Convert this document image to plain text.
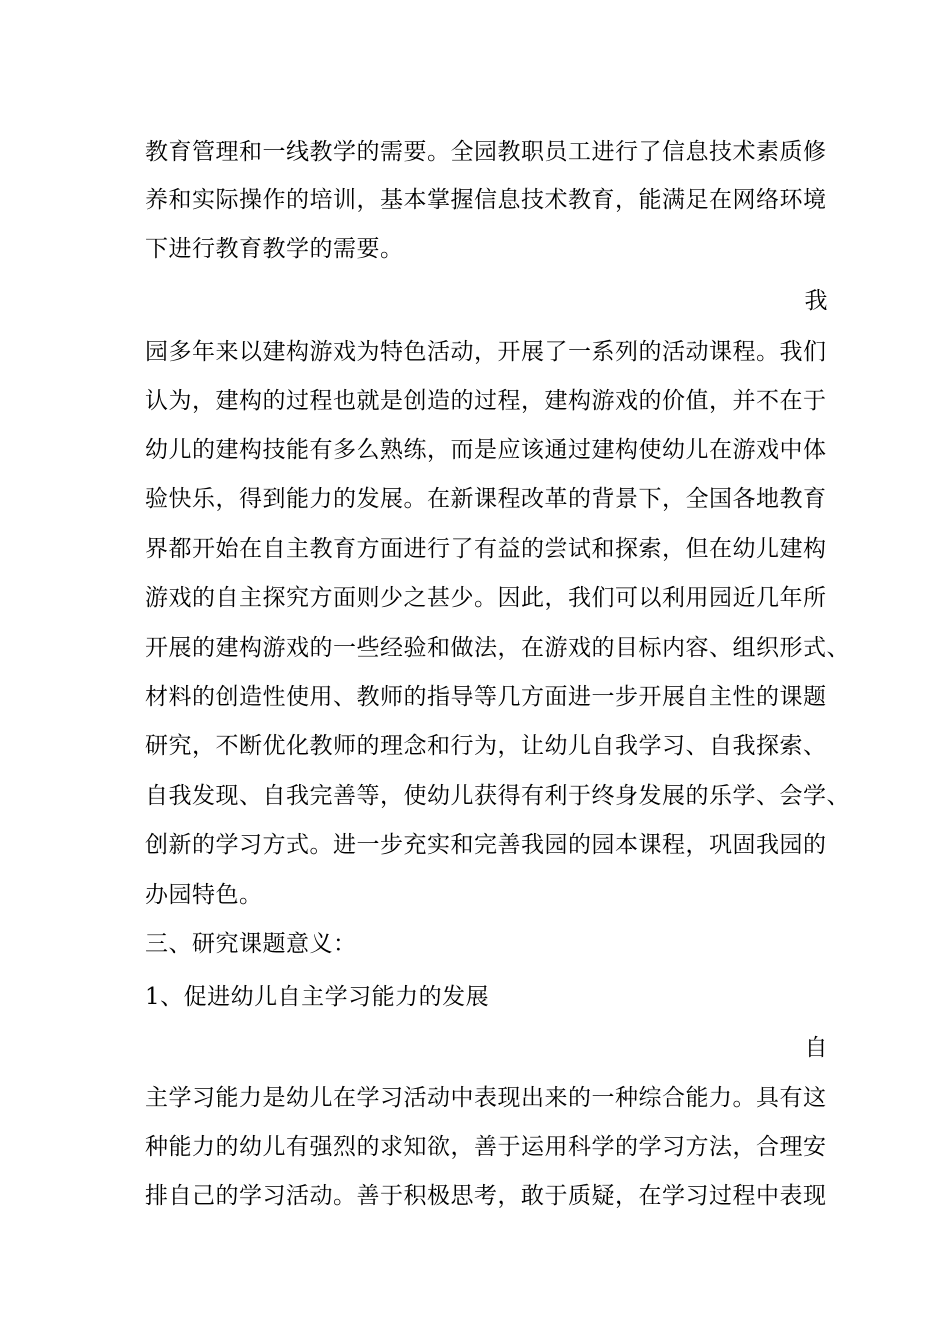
教育管理和一线教学的需要。全园教职员工进行了信息技术素质修
养和实际操作的培训，基本掌握信息技术教育，能满足在网络环境
下进行教育教学的需要。
我
园多年来以建构游戏为特色活动，开展了一系列的活动课程。我们
认为，建构的过程也就是创造的过程，建构游戏的价值，并不在于
幼儿的建构技能有多么熟练，而是应该通过建构使幼儿在游戏中体
验快乐，得到能力的发展。在新课程改革的背景下，全国各地教育
界都开始在自主教育方面进行了有益的尝试和探索，但在幼儿建构
游戏的自主探究方面则少之甚少。因此，我们可以利用园近几年所
开展的建构游戏的一些经验和做法，在游戏的目标内容、组织形式、
材料的创造性使用、教师的指导等几方面进一步开展自主性的课题
研究，不断优化教师的理念和行为，让幼儿自我学习、自我探索、
自我发现、自我完善等，使幼儿获得有利于终身发展的乐学、会学、
创新的学习方式。进一步充实和完善我园的园本课程，巩固我园的
办园特色。
三、研究课题意义：
1、促进幼儿自主学习能力的发展
自
主学习能力是幼儿在学习活动中表现出来的一种综合能力。具有这
种能力的幼儿有强烈的求知欲，善于运用科学的学习方法，合理安
排自己的学习活动。善于积极思考，敢于质疑，在学习过程中表现
